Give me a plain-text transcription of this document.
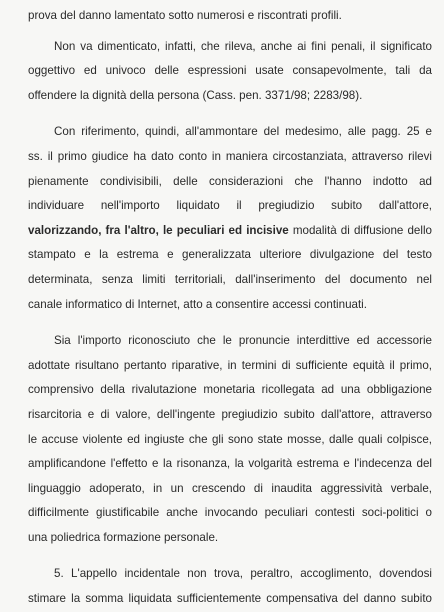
prova del danno lamentato sotto numerosi e riscontrati profili.
Non va dimenticato, infatti, che rileva, anche ai fini penali, il significato
oggettivo ed univoco delle espressioni usate consapevolmente, tali da
offendere la dignità della persona (Cass. pen. 3371/98; 2283/98).
Con riferimento, quindi, all'ammontare del medesimo, alle pagg. 25 e
ss. il primo giudice ha dato conto in maniera circostanziata, attraverso rilevi
pienamente condivisibili, delle considerazioni che l'hanno indotto ad
individuare nell'importo liquidato il pregiudizio subito dall'attore,
valorizzando, fra l'altro, le peculiari ed incisive modalità di diffusione dello
stampato e la estrema e generalizzata ulteriore divulgazione del testo
determinata, senza limiti territoriali, dall'inserimento del documento nel
canale informatico di Internet, atto a consentire accessi continuati.
Sia l'importo riconosciuto che le pronuncie interdittive ed accessorie
adottate risultano pertanto riparative, in termini di sufficiente equità il primo,
comprensivo della rivalutazione monetaria ricollegata ad una obbligazione
risarcitoria e di valore, dell'ingente pregiudizio subito dall'attore, attraverso
le accuse violente ed ingiuste che gli sono state mosse, dalle quali colpisce,
amplificandone l'effetto e la risonanza, la volgarità estrema e l'indecenza del
linguaggio adoperato, in un crescendo di inaudita aggressività verbale,
difficilmente giustificabile anche invocando peculiari contesti soci-politici o
una poliedrica formazione personale.
5. L'appello incidentale non trova, peraltro, accoglimento, dovendosi
stimare la somma liquidata sufficientemente compensativa del danno subito
